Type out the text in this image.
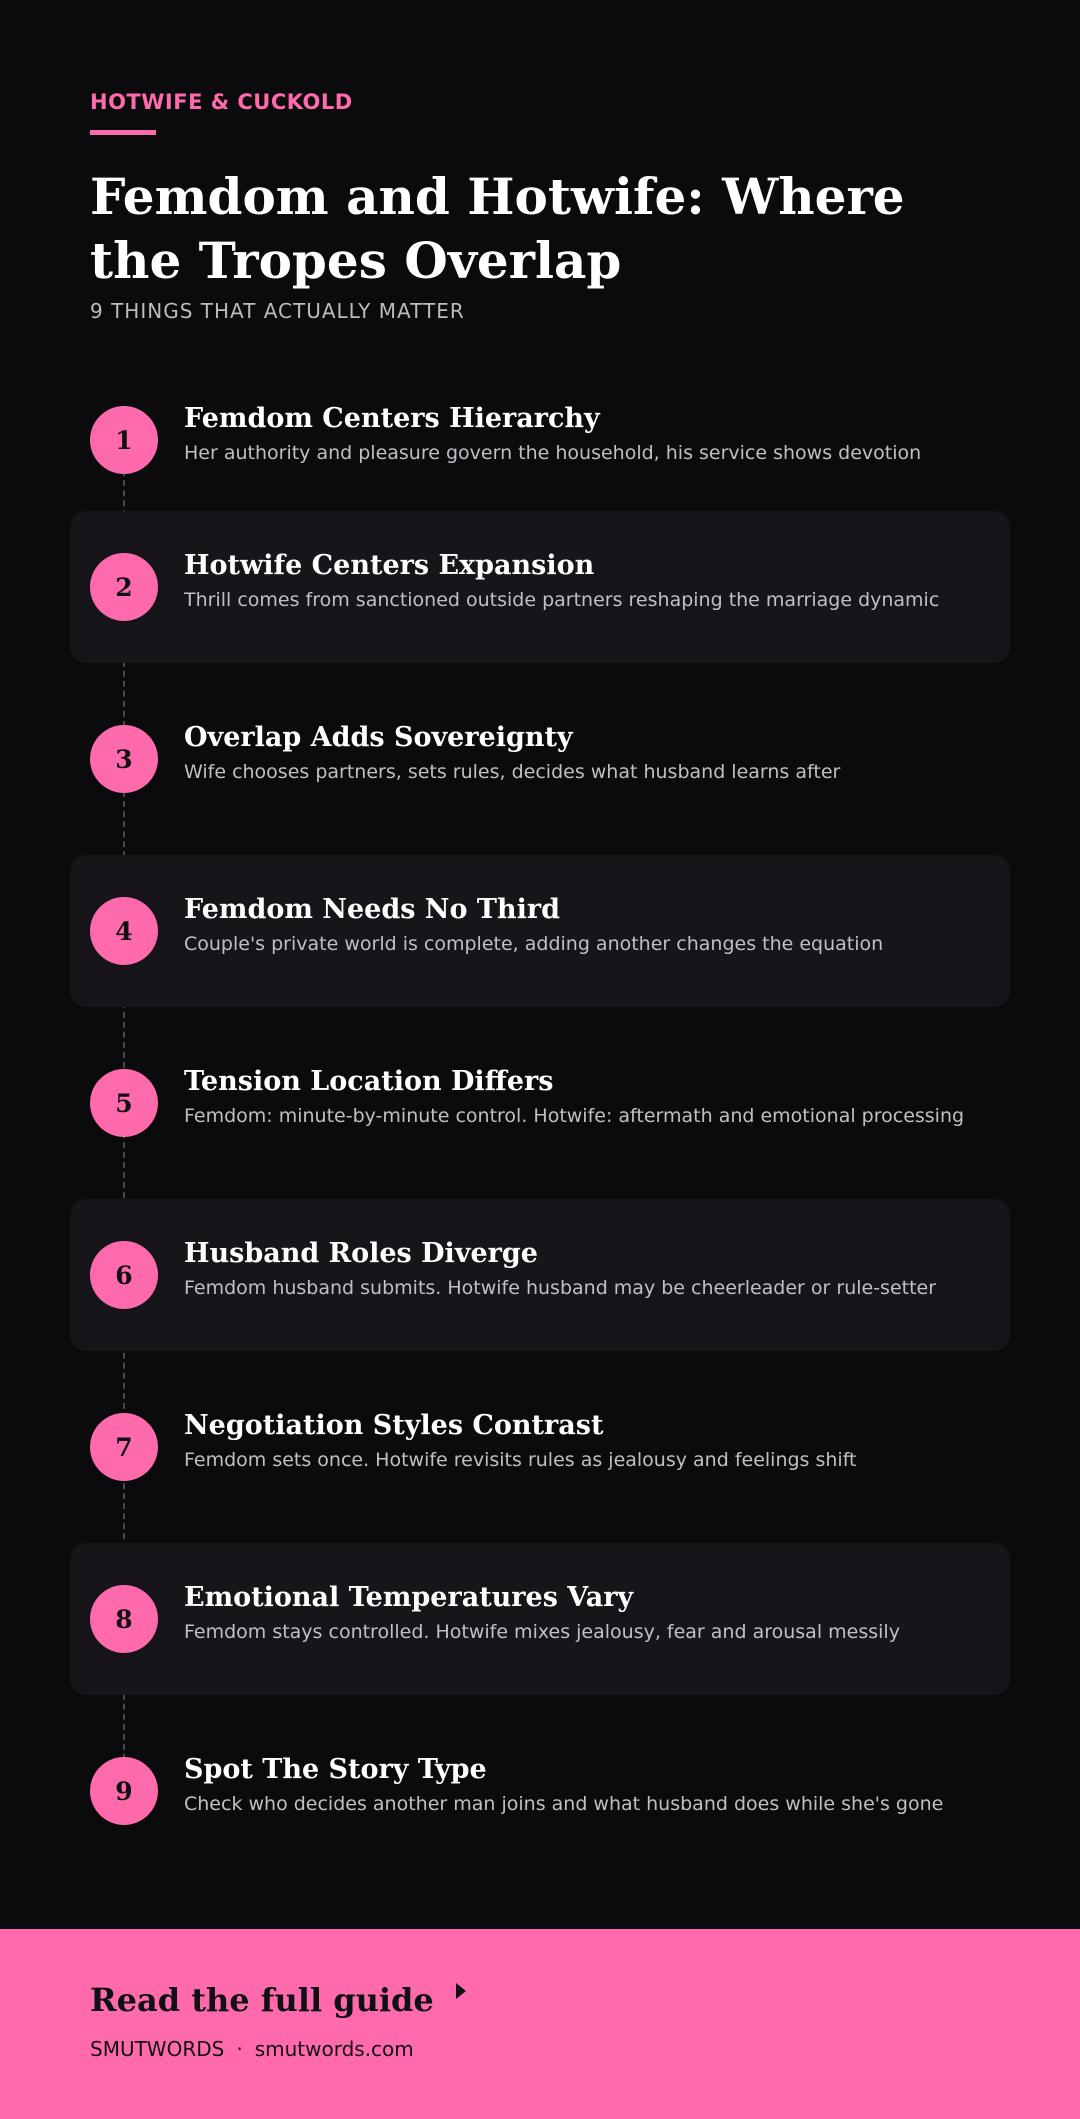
HOTWIFE & CUCKOLD
Femdom and Hotwife: Where the Tropes Overlap
9 THINGS THAT ACTUALLY MATTER
1
Femdom Centers Hierarchy
Her authority and pleasure govern the household, his service shows devotion
2
Hotwife Centers Expansion
Thrill comes from sanctioned outside partners reshaping the marriage dynamic
3
Overlap Adds Sovereignty
Wife chooses partners, sets rules, decides what husband learns after
4
Femdom Needs No Third
Couple's private world is complete, adding another changes the equation
5
Tension Location Differs
Femdom: minute-by-minute control. Hotwife: aftermath and emotional processing
6
Husband Roles Diverge
Femdom husband submits. Hotwife husband may be cheerleader or rule-setter
7
Negotiation Styles Contrast
Femdom sets once. Hotwife revisits rules as jealousy and feelings shift
8
Emotional Temperatures Vary
Femdom stays controlled. Hotwife mixes jealousy, fear and arousal messily
9
Spot The Story Type
Check who decides another man joins and what husband does while she's gone
Read the full guide
SMUTWORDS · smutwords.com
